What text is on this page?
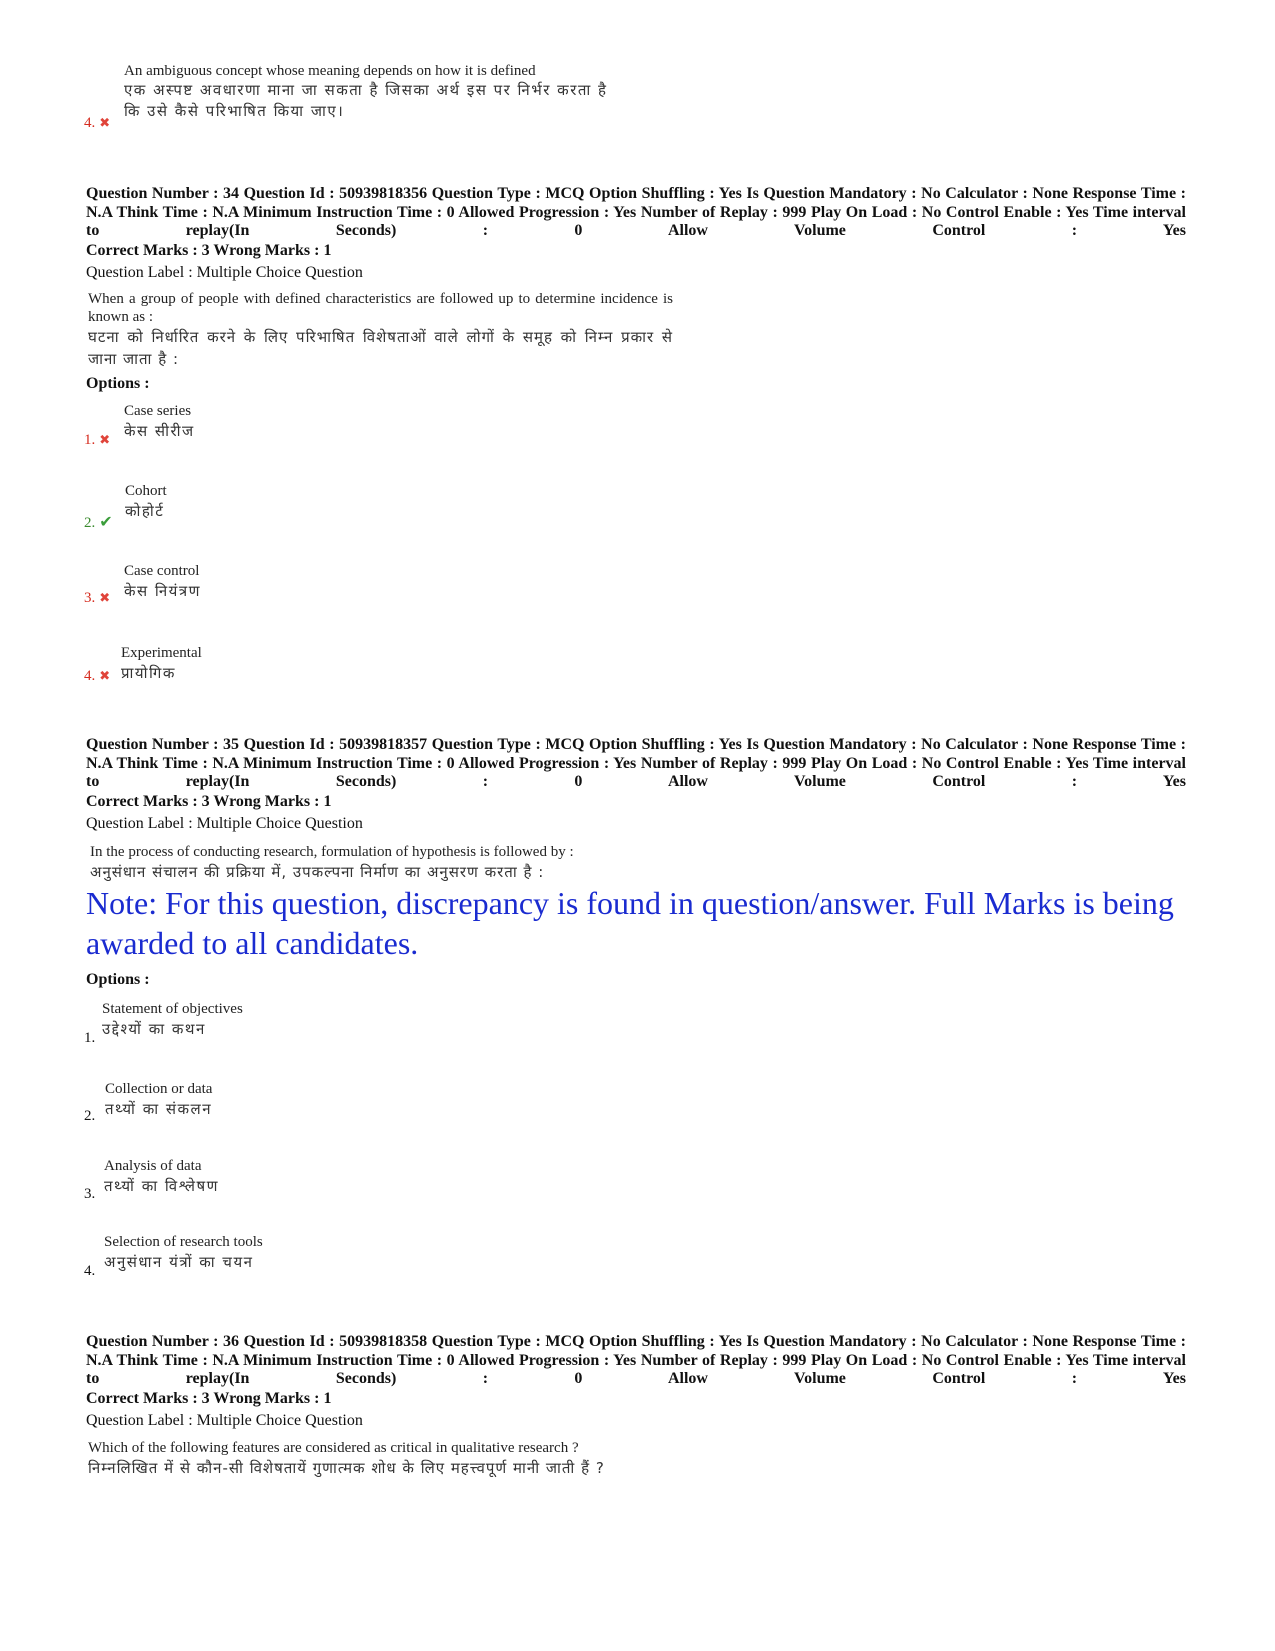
An ambiguous concept whose meaning depends on how it is defined
एक अस्पष्ट अवधारणा माना जा सकता है जिसका अर्थ इस पर निर्भर करता है
कि उसे कैसे परिभाषित किया जाए।
4. ✖
Question Number : 34 Question Id : 50939818356 Question Type : MCQ Option Shuffling : Yes Is Question Mandatory : No Calculator : None Response Time : N.A Think Time : N.A Minimum Instruction Time : 0 Allowed Progression : Yes Number of Replay : 999 Play On Load : No Control Enable : Yes Time interval to replay(In Seconds) : 0 Allow Volume Control : Yes
Correct Marks : 3 Wrong Marks : 1
Question Label : Multiple Choice Question
When a group of people with defined characteristics are followed up to determine incidence is known as :
घटना को निर्धारित करने के लिए परिभाषित विशेषताओं वाले लोगों के समूह को निम्न प्रकार से जाना जाता है :
Options :
Case series
केस सीरीज
1. ✖
Cohort
कोहोर्ट
2. ✔
Case control
केस नियंत्रण
3. ✖
Experimental
प्रायोगिक
4. ✖
Question Number : 35 Question Id : 50939818357 Question Type : MCQ Option Shuffling : Yes Is Question Mandatory : No Calculator : None Response Time : N.A Think Time : N.A Minimum Instruction Time : 0 Allowed Progression : Yes Number of Replay : 999 Play On Load : No Control Enable : Yes Time interval to replay(In Seconds) : 0 Allow Volume Control : Yes
Correct Marks : 3 Wrong Marks : 1
Question Label : Multiple Choice Question
In the process of conducting research, formulation of hypothesis is followed by :
अनुसंधान संचालन की प्रक्रिया में, उपकल्पना निर्माण का अनुसरण करता है :
Note: For this question, discrepancy is found in question/answer. Full Marks is being awarded to all candidates.
Options :
Statement of objectives
उद्देश्यों का कथन
1.
Collection or data
तथ्यों का संकलन
2.
Analysis of data
तथ्यों का विश्लेषण
3.
Selection of research tools
अनुसंधान यंत्रों का चयन
4.
Question Number : 36 Question Id : 50939818358 Question Type : MCQ Option Shuffling : Yes Is Question Mandatory : No Calculator : None Response Time : N.A Think Time : N.A Minimum Instruction Time : 0 Allowed Progression : Yes Number of Replay : 999 Play On Load : No Control Enable : Yes Time interval to replay(In Seconds) : 0 Allow Volume Control : Yes
Correct Marks : 3 Wrong Marks : 1
Question Label : Multiple Choice Question
Which of the following features are considered as critical in qualitative research ?
निम्नलिखित में से कौन-सी विशेषतायें गुणात्मक शोध के लिए महत्त्वपूर्ण मानी जाती हैं ?
